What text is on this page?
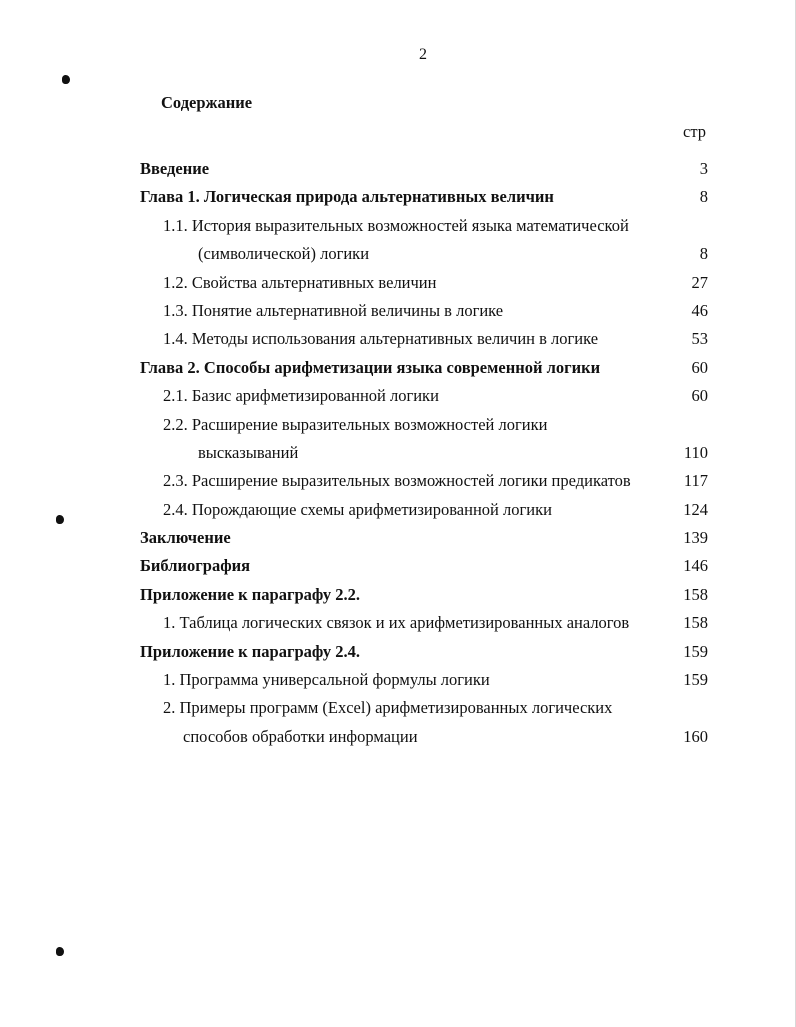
2
Содержание
стр
Введение	3
Глава 1. Логическая природа альтернативных величин	8
1.1. История выразительных возможностей языка математической
(символической) логики	8
1.2. Свойства альтернативных величин	27
1.3. Понятие альтернативной величины в логике	46
1.4. Методы использования альтернативных величин в логике	53
Глава 2. Способы арифметизации языка современной логики	60
2.1. Базис арифметизированной логики	60
2.2. Расширение выразительных возможностей логики
высказываний	110
2.3. Расширение выразительных возможностей логики предикатов	117
2.4. Порождающие схемы арифметизированной логики	124
Заключение	139
Библиография	146
Приложение к параграфу 2.2.	158
1. Таблица логических связок и их арифметизированных аналогов	158
Приложение к параграфу 2.4.	159
1. Программа универсальной формулы логики	159
2. Примеры программ (Excel) арифметизированных логических
способов обработки информации	160
